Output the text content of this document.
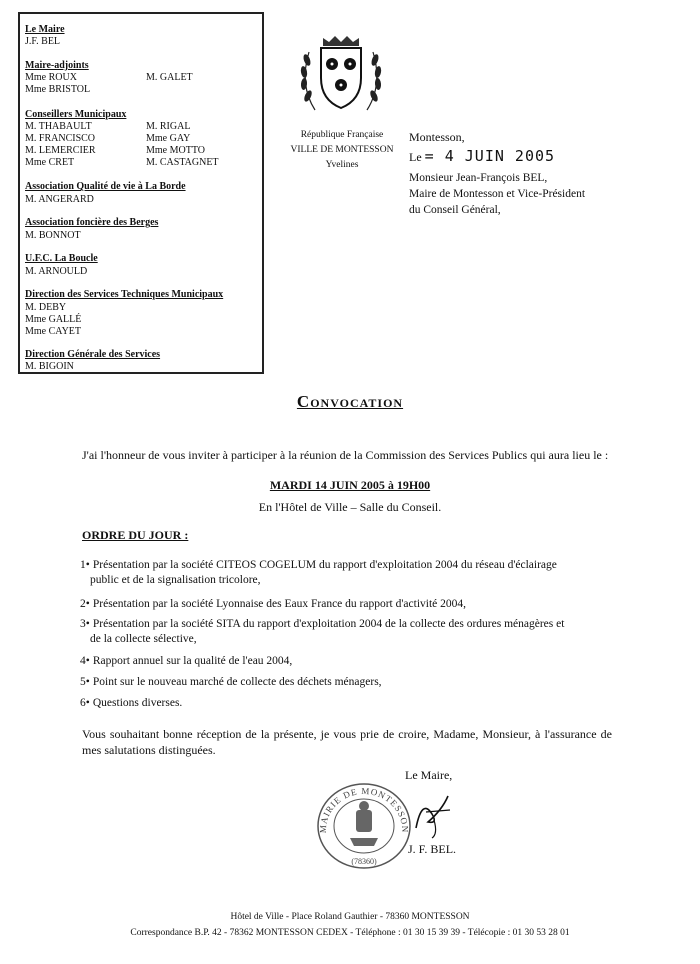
Le Maire
J.F. BEL
Maire-adjoints
Mme ROUX	M. GALET
Mme BRISTOL
Conseillers Municipaux
M. THABAULT	M. RIGAL
M. FRANCISCO	Mme GAY
M. LEMERCIER	Mme MOTTO
Mme CRET	M. CASTAGNET
Association Qualité de vie à La Borde
M. ANGERARD
Association foncière des Berges
M. BONNOT
U.F.C. La Boucle
M. ARNOULD
Direction des Services Techniques Municipaux
M. DEBY
Mme GALLÉ
Mme CAYET
Direction Générale des Services
M. BIGOIN
République Française
VILLE DE MONTESSON
Yvelines
Montesson,
Le = 4 JUIN 2005
Monsieur Jean-François BEL,
Maire de Montesson et Vice-Président
du Conseil Général,
Convocation
J'ai l'honneur de vous inviter à participer à la réunion de la Commission des Services Publics qui aura lieu le :
MARDI 14 JUIN 2005 à 19H00
En l'Hôtel de Ville – Salle du Conseil.
ORDRE DU JOUR :
1• Présentation par la société CITEOS COGELUM du rapport d'exploitation 2004 du réseau d'éclairage
public et de la signalisation tricolore,
2• Présentation par la société Lyonnaise des Eaux France du rapport d'activité 2004,
3• Présentation par la société SITA du rapport d'exploitation 2004 de la collecte des ordures ménagères et
de la collecte sélective,
4• Rapport annuel sur la qualité de l'eau 2004,
5• Point sur le nouveau marché de collecte des déchets ménagers,
6• Questions diverses.
Vous souhaitant bonne réception de la présente, je vous prie de croire, Madame, Monsieur, à l'assurance de mes salutations distinguées.
Le Maire,
MAIRIE DE MONTESSON
(78360)
J. F. BEL.
Hôtel de Ville - Place Roland Gauthier - 78360 MONTESSON
Correspondance B.P. 42 - 78362 MONTESSON CEDEX - Téléphone : 01 30 15 39 39 - Télécopie : 01 30 53 28 01
